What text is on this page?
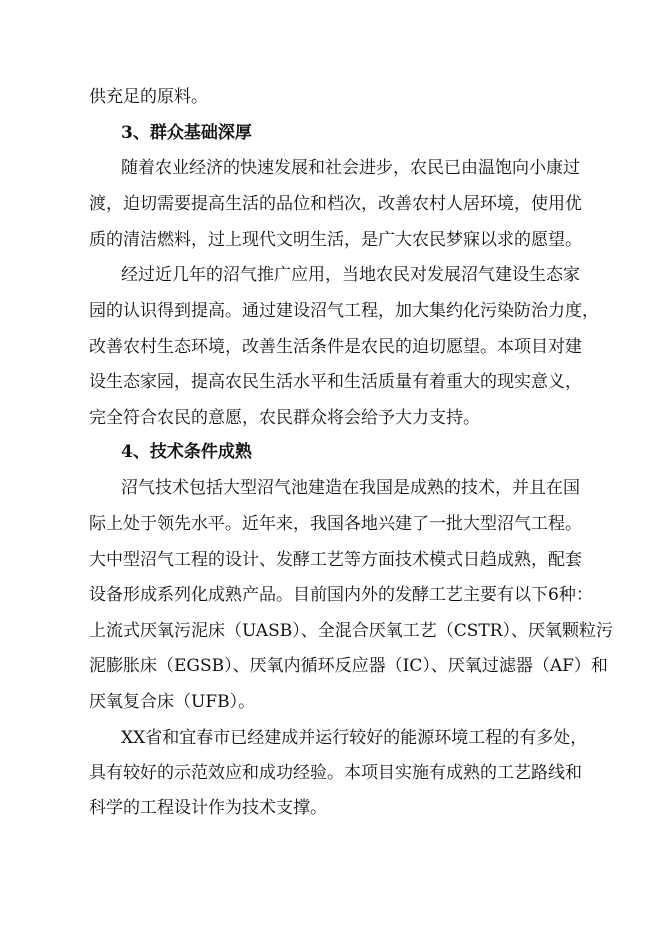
供充足的原料。
3、群众基础深厚
随着农业经济的快速发展和社会进步，农民已由温饱向小康过
渡，迫切需要提高生活的品位和档次，改善农村人居环境，使用优
质的清洁燃料，过上现代文明生活，是广大农民梦寐以求的愿望。
经过近几年的沼气推广应用，当地农民对发展沼气建设生态家
园的认识得到提高。通过建设沼气工程，加大集约化污染防治力度，
改善农村生态环境，改善生活条件是农民的迫切愿望。本项目对建
设生态家园，提高农民生活水平和生活质量有着重大的现实意义，
完全符合农民的意愿，农民群众将会给予大力支持。
4、技术条件成熟
沼气技术包括大型沼气池建造在我国是成熟的技术，并且在国
际上处于领先水平。近年来，我国各地兴建了一批大型沼气工程。
大中型沼气工程的设计、发酵工艺等方面技术模式日趋成熟，配套
设备形成系列化成熟产品。目前国内外的发酵工艺主要有以下6种：
上流式厌氧污泥床（UASB）、全混合厌氧工艺（CSTR）、厌氧颗粒污
泥膨胀床（EGSB）、厌氧内循环反应器（IC）、厌氧过滤器（AF）和
厌氧复合床（UFB）。
XX省和宜春市已经建成并运行较好的能源环境工程的有多处，
具有较好的示范效应和成功经验。本项目实施有成熟的工艺路线和
科学的工程设计作为技术支撑。
